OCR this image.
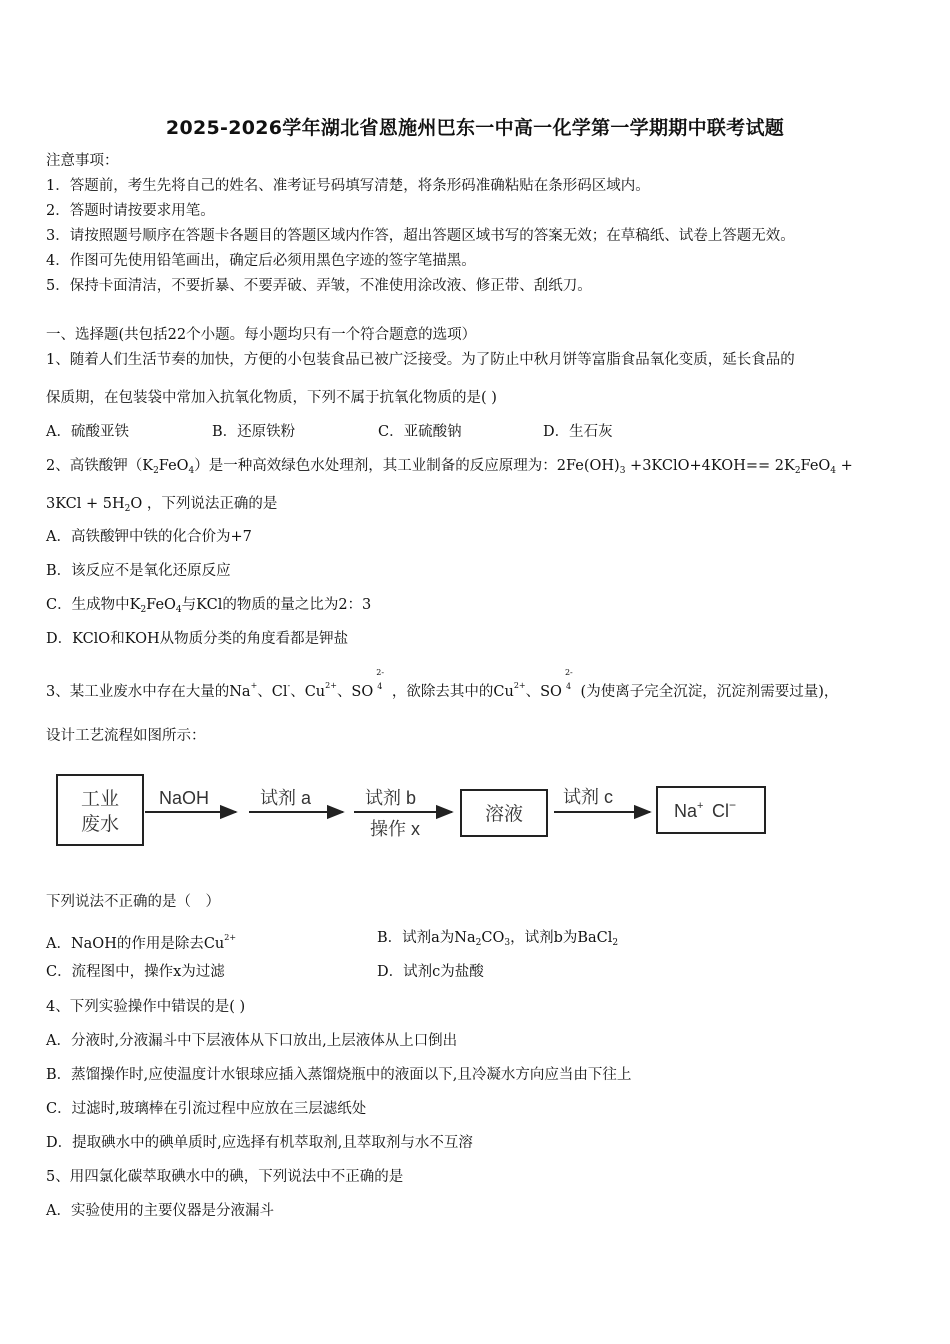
2025-2026学年湖北省恩施州巴东一中高一化学第一学期期中联考试题
注意事项：
1．答题前，考生先将自己的姓名、准考证号码填写清楚，将条形码准确粘贴在条形码区域内。
2．答题时请按要求用笔。
3．请按照题号顺序在答题卡各题目的答题区域内作答，超出答题区域书写的答案无效；在草稿纸、试卷上答题无效。
4．作图可先使用铅笔画出，确定后必须用黑色字迹的签字笔描黑。
5．保持卡面清洁，不要折暴、不要弄破、弄皱，不准使用涂改液、修正带、刮纸刀。
一、选择题(共包括22个小题。每小题均只有一个符合题意的选项）
1、随着人们生活节奏的加快，方便的小包装食品已被广泛接受。为了防止中秋月饼等富脂食品氧化变质，延长食品的
保质期，在包装袋中常加入抗氧化物质，下列不属于抗氧化物质的是( )
A．硫酸亚铁	B．还原铁粉	C．亚硫酸钠	D．生石灰
2、高铁酸钾$(K_2FeO_4)$是一种高效绿色水处理剂，其工业制备的反应原理为：$2Fe(OH)_3$ +3KClO+4KOH== $2K_2FeO_4$ +
$3KCl + 5H_2O$ ，下列说法正确的是
A．高铁酸钾中铁的化合价为+7
B．该反应不是氧化还原反应
C．生成物中$K_2FeO_4$与KCl的物质的量之比为2：3
D．KClO和KOH从物质分类的角度看都是钾盐
3、某工业废水中存在大量的Na+、Cl-、$Cu^{2+}$、SO
2-
4 ，欲除去其中的$Cu^{2+}$、SO
2-
4 (为使离子完全沉淀，沉淀剂需要过量)，
设计工艺流程如图所示：
工业
废水
NaOH	试剂 a	试剂 b
操作 x
溶液
试剂 c
Na+ Cl−
下列说法不正确的是（　）
A．NaOH的作用是除去$Cu^{2+}$	B．试剂a为$Na_2CO_3$，试剂b为BaCl$_2$
C．流程图中，操作x为过滤	D．试剂c为盐酸
4、下列实验操作中错误的是( )
A．分液时,分液漏斗中下层液体从下口放出,上层液体从上口倒出
B．蒸馏操作时,应使温度计水银球应插入蒸馏烧瓶中的液面以下,且冷凝水方向应当由下往上
C．过滤时,玻璃棒在引流过程中应放在三层滤纸处
D．提取碘水中的碘单质时,应选择有机萃取剂,且萃取剂与水不互溶
5、用四氯化碳萃取碘水中的碘，下列说法中不正确的是
A．实验使用的主要仪器是分液漏斗
